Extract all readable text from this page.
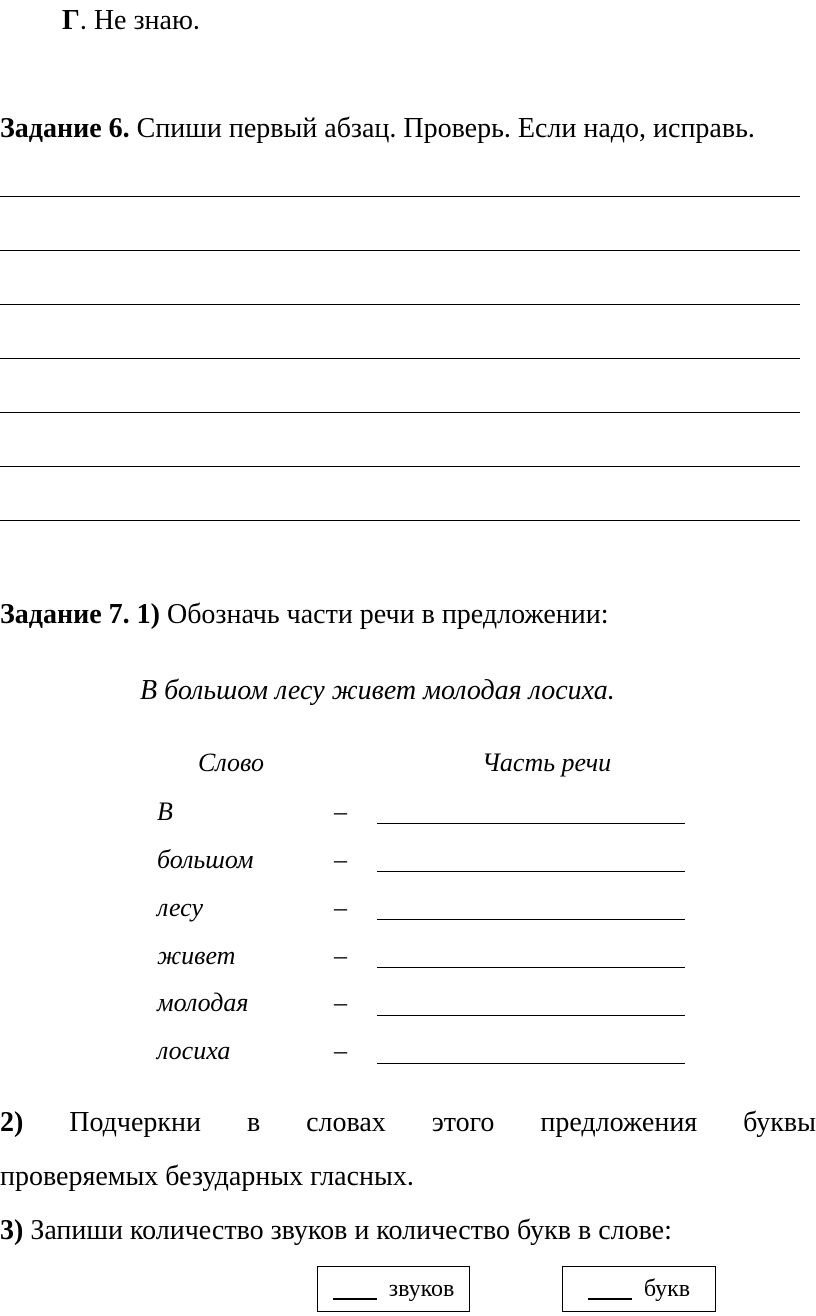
Г. Не знаю.
Задание 6. Спиши первый абзац. Проверь. Если надо, исправь.
Задание 7. 1) Обозначь части речи в предложении:
В большом лесу живет молодая лосиха.
Слово	Часть речи
В	–
большом	–
лесу	–
живет	–
молодая	–
лосиха	–
2) Подчеркни в словах этого предложения буквы
проверяемых безударных гласных.
3) Запиши количество звуков и количество букв в слове:
звуков	букв
